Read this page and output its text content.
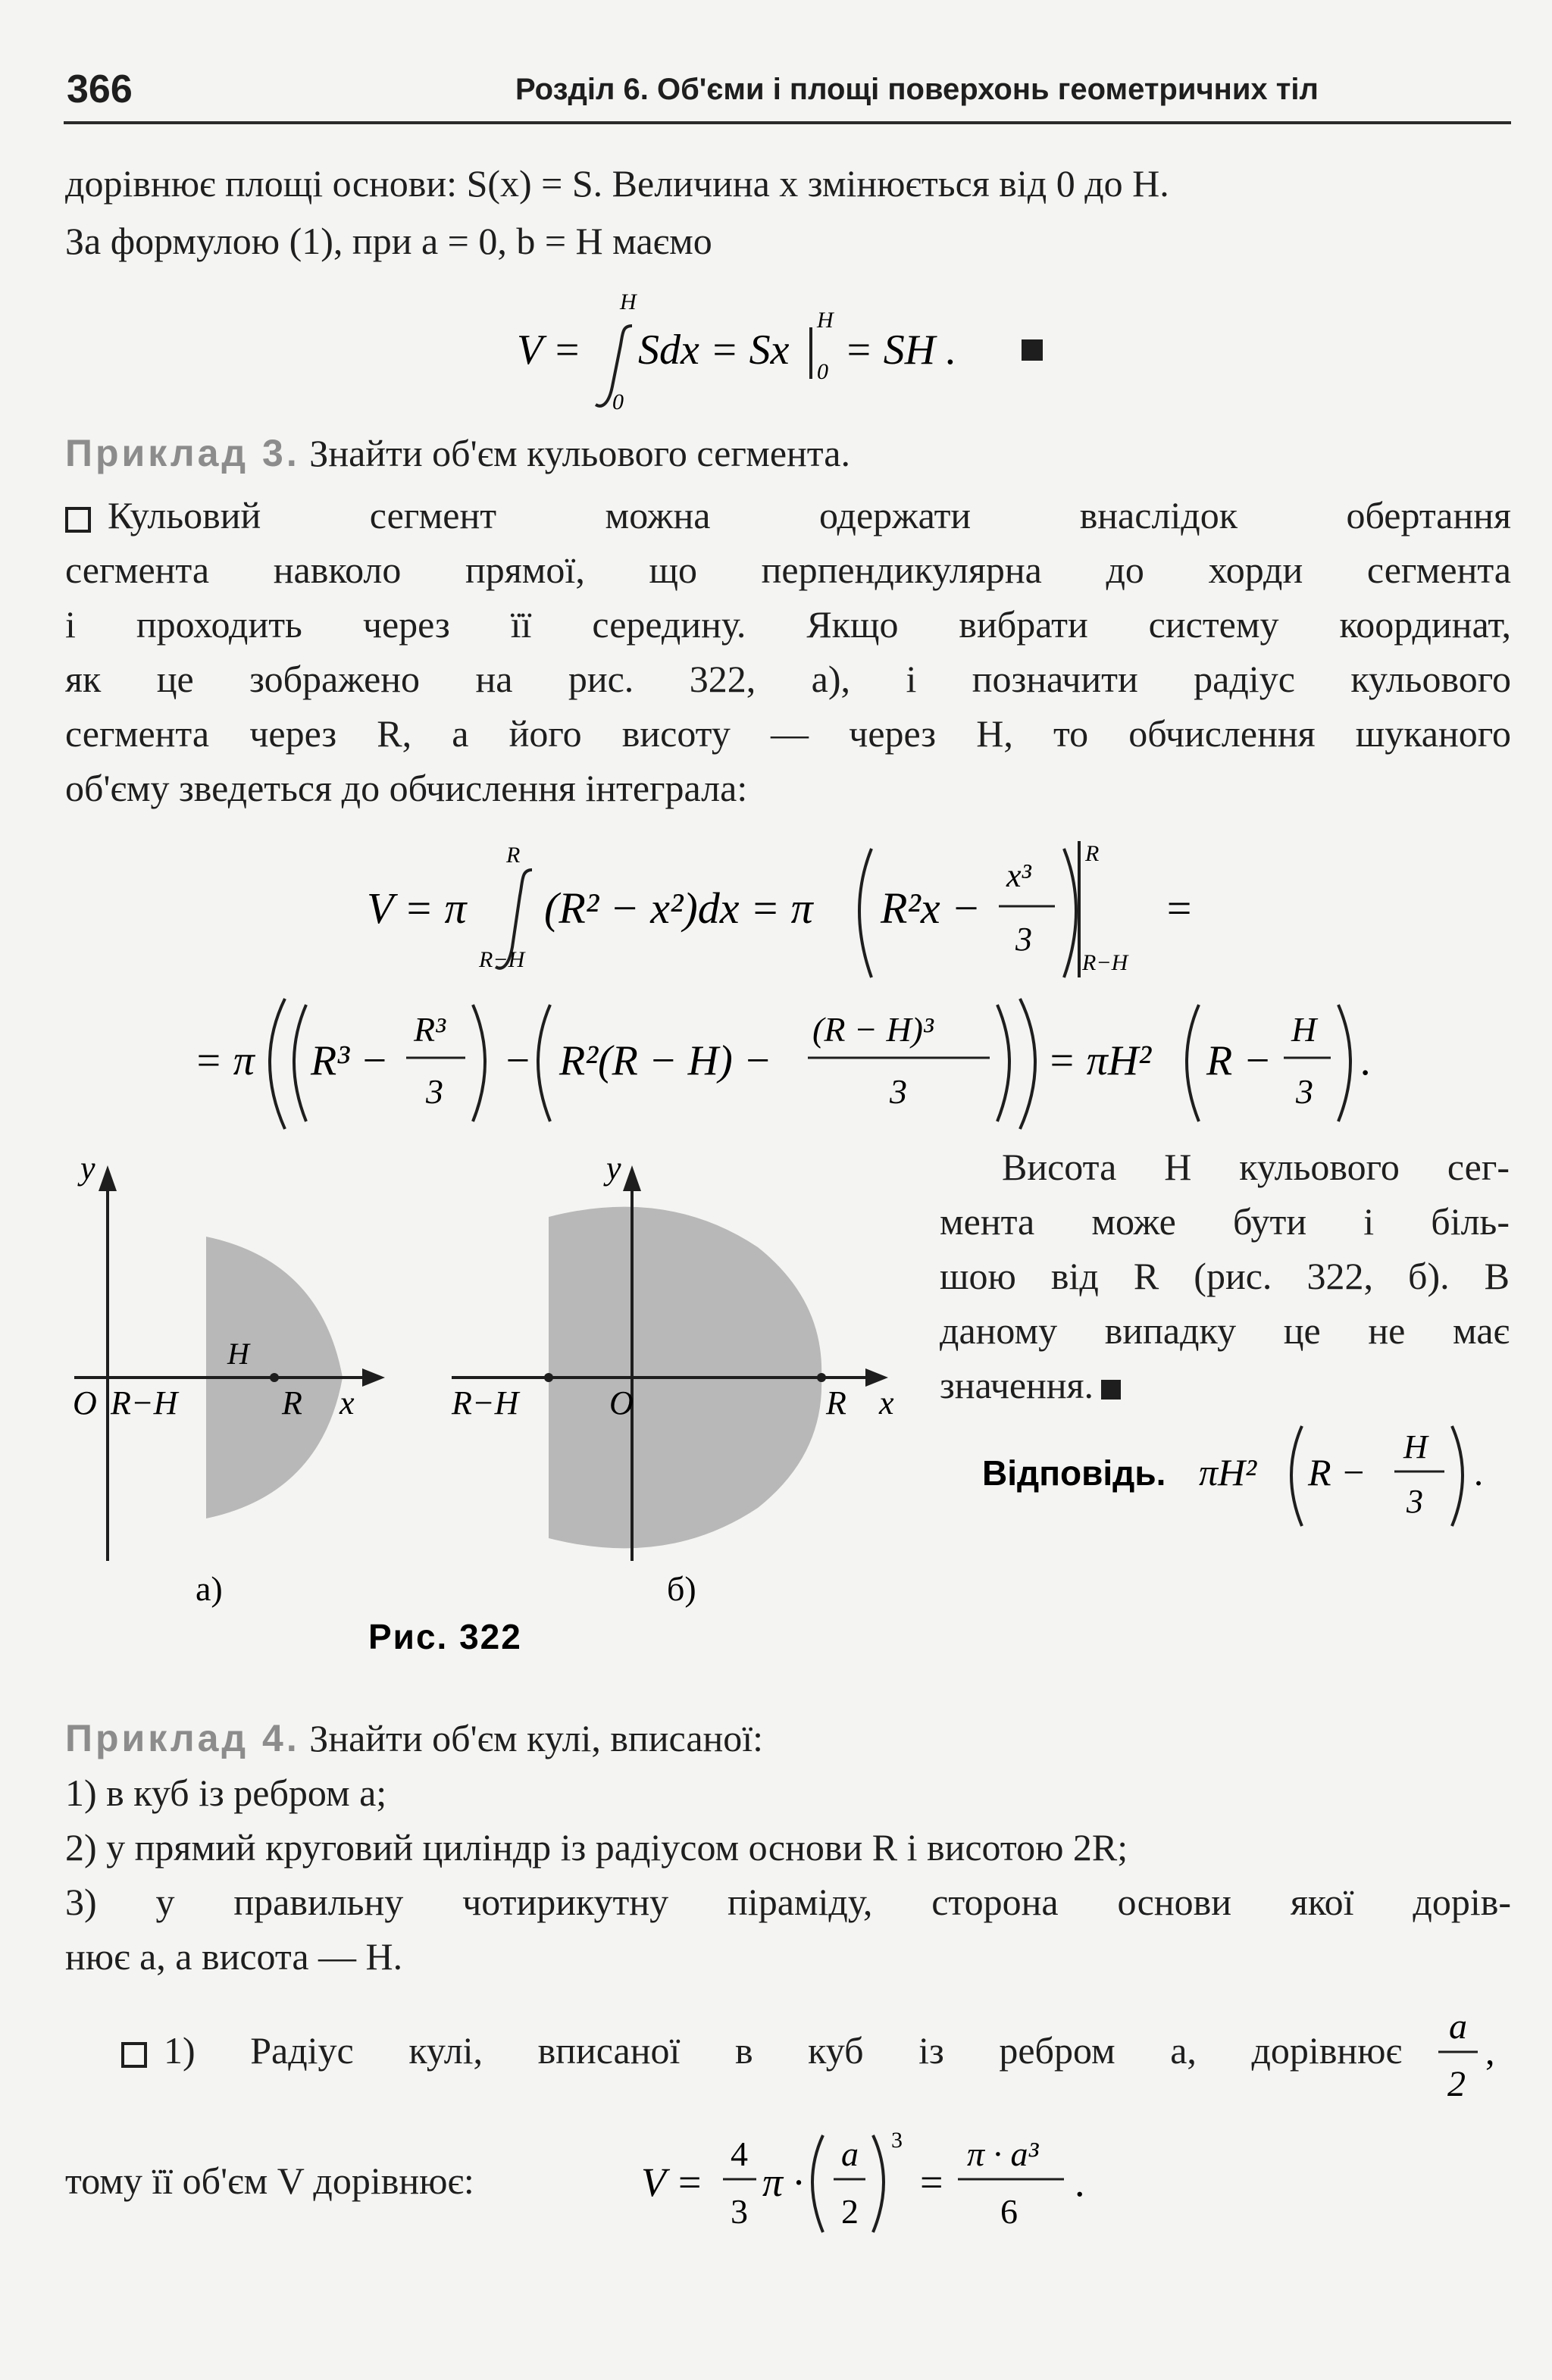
366	Розділ 6. Об'єми і площі поверхонь геометричних тіл
дорівнює площі основи: S(x) = S. Величина x змінюється від 0 до H.
За формулою (1), при a = 0, b = H маємо
V =
H
0
Sdx = Sx
H
0 = SH .
Приклад 3. Знайти об'єм кульового сегмента.
Кульовий сегмент можна одержати внаслідок обертання
сегмента навколо прямої, що перпендикулярна до хорди сегмента
і проходить через її середину. Якщо вибрати систему координат,
як це зображено на рис. 322, а), і позначити радіус кульового
сегмента через R, а його висоту — через H, то обчислення шуканого
об'єму зведеться до обчислення інтеграла:
V = π
R
R−H
(R² − x²)dx = π R²x −
x³
3
R
R−H
=
= π R³ −
R³
3
− R²(R − H) −
(R − H)³
3
= πH² R −
H
3
.
y
O R−H
H
R x
а)
y
R−H	O	R x
б)
Рис. 322
Висота H кульового сег-
мента може бути і біль-
шою від R (рис. 322, б). В
даному випадку це не має
значення.
Відповідь. πH² R −
H
3
.
Приклад 4. Знайти об'єм кулі, вписаної:
1) в куб із ребром a;
2) у прямий круговий циліндр із радіусом основи R і висотою 2R;
3) у правильну чотирикутну піраміду, сторона основи якої дорів-
нює a, а висота — H.
1) Радіус кулі, вписаної в куб із ребром a, дорівнює
a
2
,
тому її об'єм V дорівнює:	V =
4
3
π ·
a
2
3
=
π · a³
6
.
